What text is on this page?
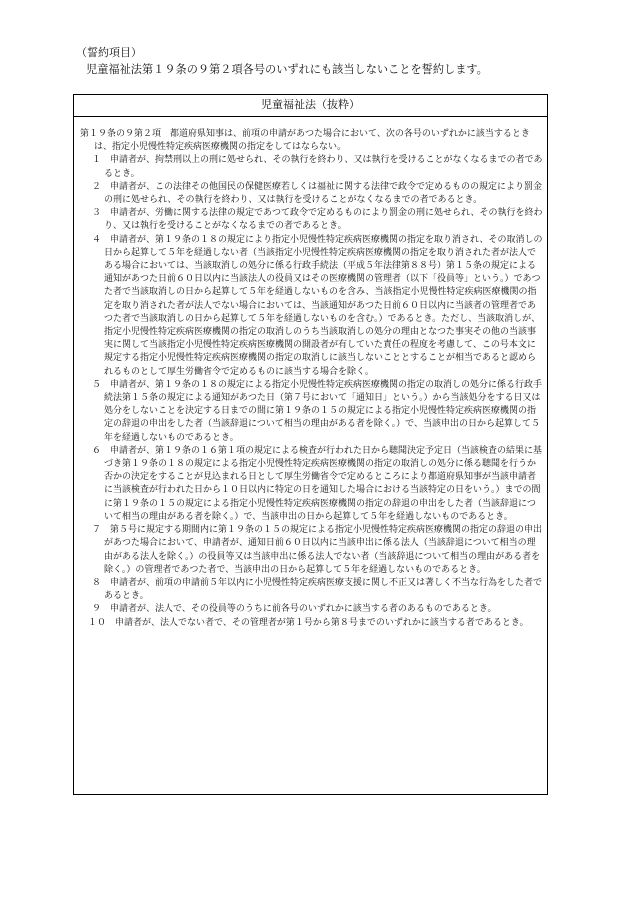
（誓約項目）
児童福祉法第１９条の９第２項各号のいずれにも該当しないことを誓約します。
児童福祉法（抜粋）

第１９条の９第２項　都道府県知事は、前項の申請があつた場合において、次の各号のいずれかに該当するときは、指定小児慢性特定疾病医療機関の指定をしてはならない。

１　申請者が、拘禁刑以上の刑に処せられ、その執行を終わり、又は執行を受けることがなくなるまでの者であるとき。

２　申請者が、この法律その他国民の保健医療若しくは福祉に関する法律で政令で定めるものの規定により罰金の刑に処せられ、その執行を終わり、又は執行を受けることがなくなるまでの者であるとき。

３　申請者が、労働に関する法律の規定であつて政令で定めるものにより罰金の刑に処せられ、その執行を終わり、又は執行を受けることがなくなるまでの者であるとき。

４　申請者が、第１９条の１８の規定により指定小児慢性特定疾病医療機関の指定を取り消され、その取消しの日から起算して５年を経過しない者（当該指定小児慢性特定疾病医療機関の指定を取り消された者が法人である場合においては、当該取消しの処分に係る行政手続法（平成５年法律第８８号）第１５条の規定による通知があつた日前６０日以内に当該法人の役員又はその医療機関の管理者（以下「役員等」という。）であつた者で当該取消しの日から起算して５年を経過しないものを含み、当該指定小児慢性特定疾病医療機関の指定を取り消された者が法人でない場合においては、当該通知があつた日前６０日以内に当該者の管理者であつた者で当該取消しの日から起算して５年を経過しないものを含む。）であるとき。ただし、当該取消しが、指定小児慢性特定疾病医療機関の指定の取消しのうち当該取消しの処分の理由となつた事実その他の当該事実に関して当該指定小児慢性特定疾病医療機関の開設者が有していた責任の程度を考慮して、この号本文に規定する指定小児慢性特定疾病医療機関の指定の取消しに該当しないこととすることが相当であると認められるものとして厚生労働省令で定めるものに該当する場合を除く。

５　申請者が、第１９条の１８の規定による指定小児慢性特定疾病医療機関の指定の取消しの処分に係る行政手続法第１５条の規定による通知があつた日（第７号において「通知日」という。）から当該処分をする日又は処分をしないことを決定する日までの間に第１９条の１５の規定による指定小児慢性特定疾病医療機関の指定の辞退の申出をした者（当該辞退について相当の理由がある者を除く。）で、当該申出の日から起算して５年を経過しないものであるとき。

６　申請者が、第１９条の１６第１項の規定による検査が行われた日から聴聞決定予定日（当該検査の結果に基づき第１９条の１８の規定による指定小児慢性特定疾病医療機関の指定の取消しの処分に係る聴聞を行うか否かの決定をすることが見込まれる日として厚生労働省令で定めるところにより都道府県知事が当該申請者に当該検査が行われた日から１０日以内に特定の日を通知した場合における当該特定の日をいう。）までの間に第１９条の１５の規定による指定小児慢性特定疾病医療機関の指定の辞退の申出をした者（当該辞退について相当の理由がある者を除く。）で、当該申出の日から起算して５年を経過しないものであるとき。

７　第５号に規定する期間内に第１９条の１５の規定による指定小児慢性特定疾病医療機関の指定の辞退の申出があつた場合において、申請者が、通知日前６０日以内に当該申出に係る法人（当該辞退について相当の理由がある法人を除く。）の役員等又は当該申出に係る法人でない者（当該辞退について相当の理由がある者を除く。）の管理者であつた者で、当該申出の日から起算して５年を経過しないものであるとき。

８　申請者が、前項の申請前５年以内に小児慢性特定疾病医療支援に関し不正又は著しく不当な行為をした者であるとき。

９　申請者が、法人で、その役員等のうちに前各号のいずれかに該当する者のあるものであるとき。

１０　申請者が、法人でない者で、その管理者が第１号から第８号までのいずれかに該当する者であるとき。
